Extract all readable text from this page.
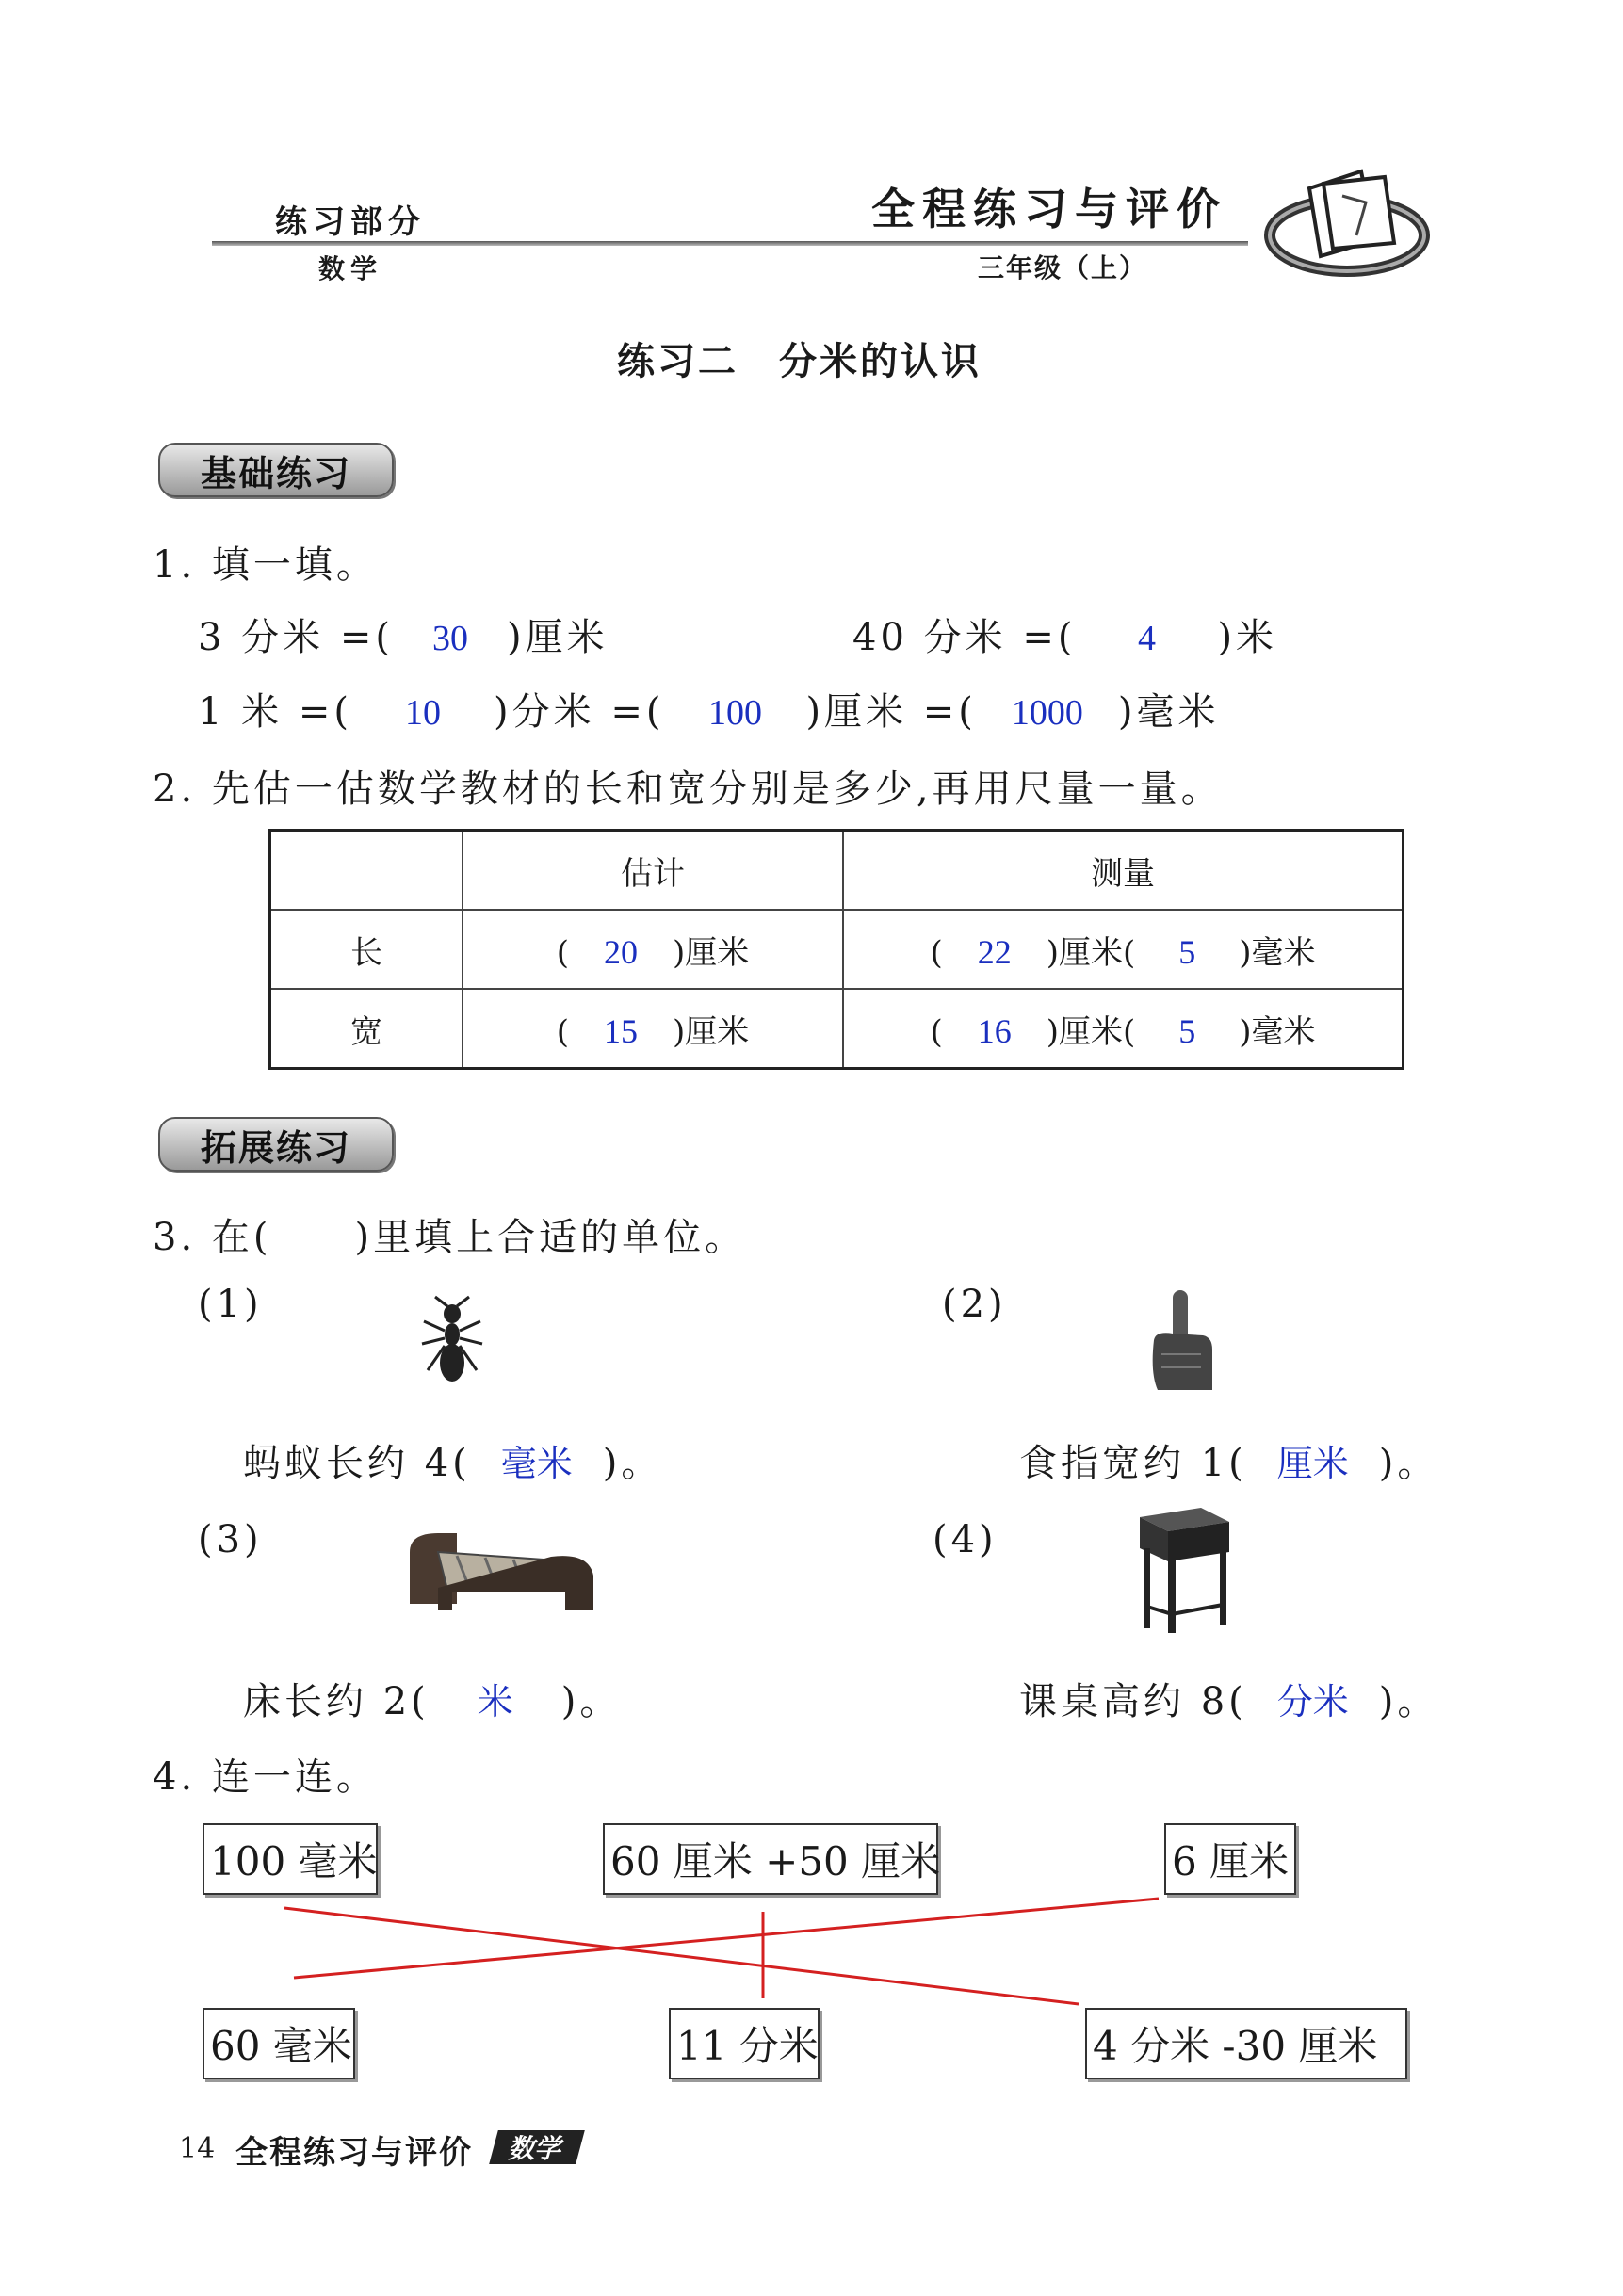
练习部分
数学
全程练习与评价
三年级（上）
练习二　分米的认识
基础练习
1. 填一填。
3 分米 =( 30 )厘米	40 分米 =( 4 )米
1 米 =( 10 )分米 =( 100 )厘米 =( 1000 )毫米
2. 先估一估数学教材的长和宽分别是多少,再用尺量一量。
	估计	测量
长	( 20 )厘米	( 22 )厘米( 5 )毫米
宽	( 15 )厘米	( 16 )厘米( 5 )毫米
拓展练习
3. 在(　　)里填上合适的单位。
(1)	(2)
(3)	(4)
蚂蚁长约 4( 毫米 )。	食指宽约 1( 厘米 )。
床长约 2( 米 )。	课桌高约 8( 分米 )。
4. 连一连。
100 毫米	60 厘米 +50 厘米	6 厘米
60 毫米	11 分米	4 分米 -30 厘米
14 全程练习与评价	数学
